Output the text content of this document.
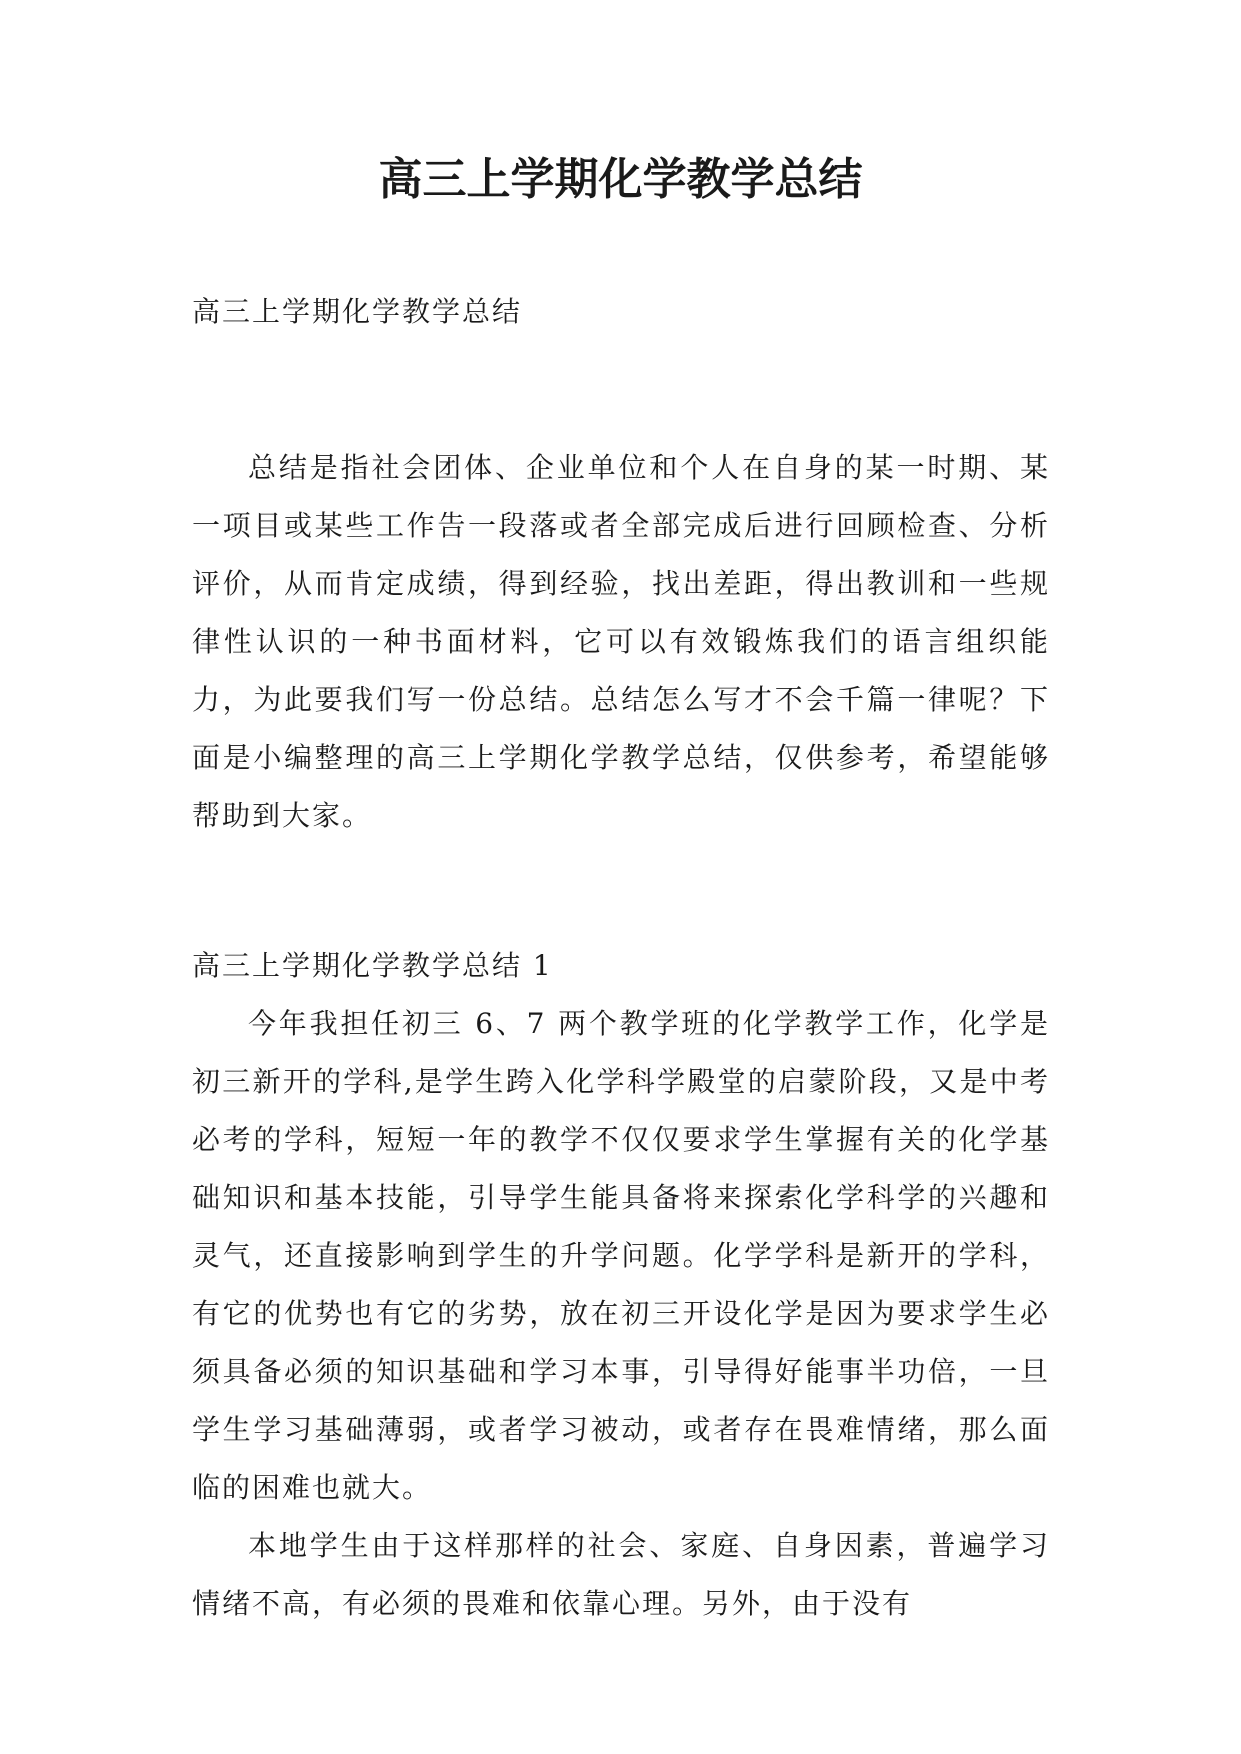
高三上学期化学教学总结

高三上学期化学教学总结

总结是指社会团体、企业单位和个人在自身的某一时期、某一项目或某些工作告一段落或者全部完成后进行回顾检查、分析评价，从而肯定成绩，得到经验，找出差距，得出教训和一些规律性认识的一种书面材料，它可以有效锻炼我们的语言组织能力，为此要我们写一份总结。总结怎么写才不会千篇一律呢？下面是小编整理的高三上学期化学教学总结，仅供参考，希望能够帮助到大家。

高三上学期化学教学总结 1

今年我担任初三 6、7 两个教学班的化学教学工作，化学是初三新开的学科,是学生跨入化学科学殿堂的启蒙阶段，又是中考必考的学科，短短一年的教学不仅仅要求学生掌握有关的化学基础知识和基本技能，引导学生能具备将来探索化学科学的兴趣和灵气，还直接影响到学生的升学问题。化学学科是新开的学科，有它的优势也有它的劣势，放在初三开设化学是因为要求学生必须具备必须的知识基础和学习本事，引导得好能事半功倍，一旦学生学习基础薄弱，或者学习被动，或者存在畏难情绪，那么面临的困难也就大。

本地学生由于这样那样的社会、家庭、自身因素，普遍学习情绪不高，有必须的畏难和依靠心理。另外，由于没有
